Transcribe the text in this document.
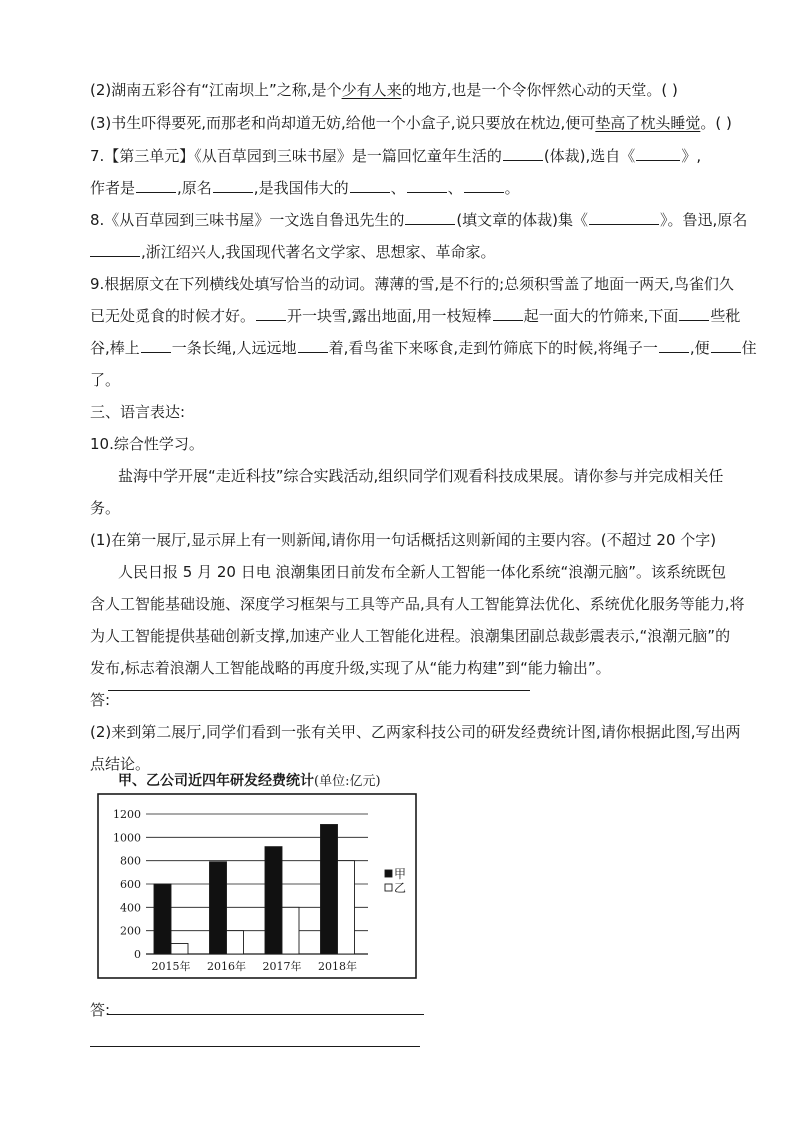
(2)湖南五彩谷有“江南坝上”之称,是个少有人来的地方,也是一个令你怦然心动的天堂。( )
(3)书生吓得要死,而那老和尚却道无妨,给他一个小盒子,说只要放在枕边,便可垫高了枕头睡觉。( )
7.【第三单元】《从百草园到三味书屋》是一篇回忆童年生活的	(体裁),选自《	》,
作者是	,原名	,是我国伟大的	、	、	。
8.《从百草园到三味书屋》一文选自鲁迅先生的	(填文章的体裁)集《	》。鲁迅,原名
,浙江绍兴人,我国现代著名文学家、思想家、革命家。
9.根据原文在下列横线处填写恰当的动词。薄薄的雪,是不行的;总须积雪盖了地面一两天,鸟雀们久
已无处觅食的时候才好。 开一块雪,露出地面,用一枝短棒 起一面大的竹筛来,下面 些秕
谷,棒上 一条长绳,人远远地 着,看鸟雀下来啄食,走到竹筛底下的时候,将绳子一 ,便 住
了。
三、语言表达:
10.综合性学习。
盐海中学开展“走近科技”综合实践活动,组织同学们观看科技成果展。请你参与并完成相关任
务。
(1)在第一展厅,显示屏上有一则新闻,请你用一句话概括这则新闻的主要内容。(不超过 20 个字)
人民日报 5 月 20 日电 浪潮集团日前发布全新人工智能一体化系统“浪潮元脑”。该系统既包
含人工智能基础设施、深度学习框架与工具等产品,具有人工智能算法优化、系统优化服务等能力,将
为人工智能提供基础创新支撑,加速产业人工智能化进程。浪潮集团副总裁彭震表示,“浪潮元脑”的
发布,标志着浪潮人工智能战略的再度升级,实现了从“能力构建”到“能力输出”。
答:
(2)来到第二展厅,同学们看到一张有关甲、乙两家科技公司的研发经费统计图,请你根据此图,写出两
点结论。
甲、乙公司近四年研发经费统计(单位:亿元)
0
200
400
600
800
1000
1200
2015年 2016年 2017年 2018年
甲
乙
答:
